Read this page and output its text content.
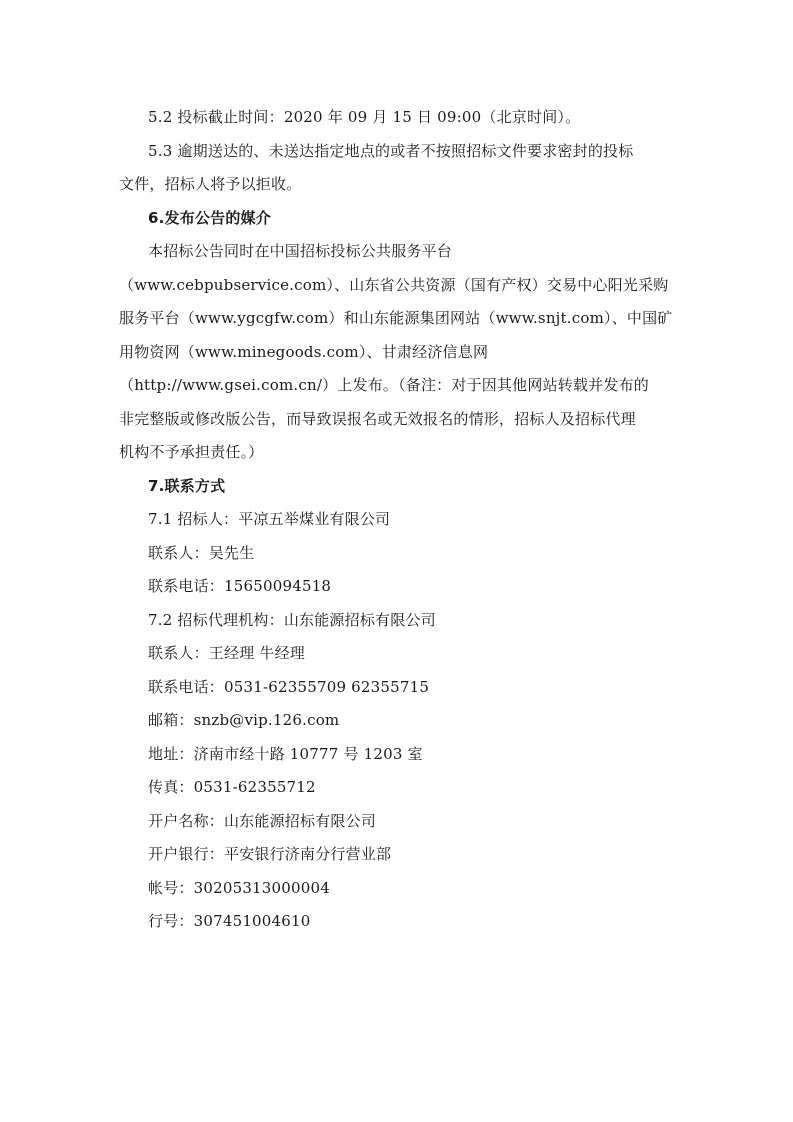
5.2 投标截止时间：2020 年 09 月 15 日 09:00（北京时间）。
5.3 逾期送达的、未送达指定地点的或者不按照招标文件要求密封的投标
文件，招标人将予以拒收。
6.发布公告的媒介
本招标公告同时在中国招标投标公共服务平台
（www.cebpubservice.com）、山东省公共资源（国有产权）交易中心阳光采购
服务平台（www.ygcgfw.com）和山东能源集团网站（www.snjt.com）、中国矿
用物资网（www.minegoods.com）、甘肃经济信息网
（http://www.gsei.com.cn/）上发布。（备注：对于因其他网站转载并发布的
非完整版或修改版公告，而导致误报名或无效报名的情形，招标人及招标代理
机构不予承担责任。）
7.联系方式
7.1 招标人：平凉五举煤业有限公司
联系人：吴先生
联系电话：15650094518
7.2 招标代理机构：山东能源招标有限公司
联系人：王经理 牛经理
联系电话：0531-62355709 62355715
邮箱：snzb@vip.126.com
地址：济南市经十路 10777 号 1203 室
传真：0531-62355712
开户名称：山东能源招标有限公司
开户银行：平安银行济南分行营业部
帐号：30205313000004
行号：307451004610
